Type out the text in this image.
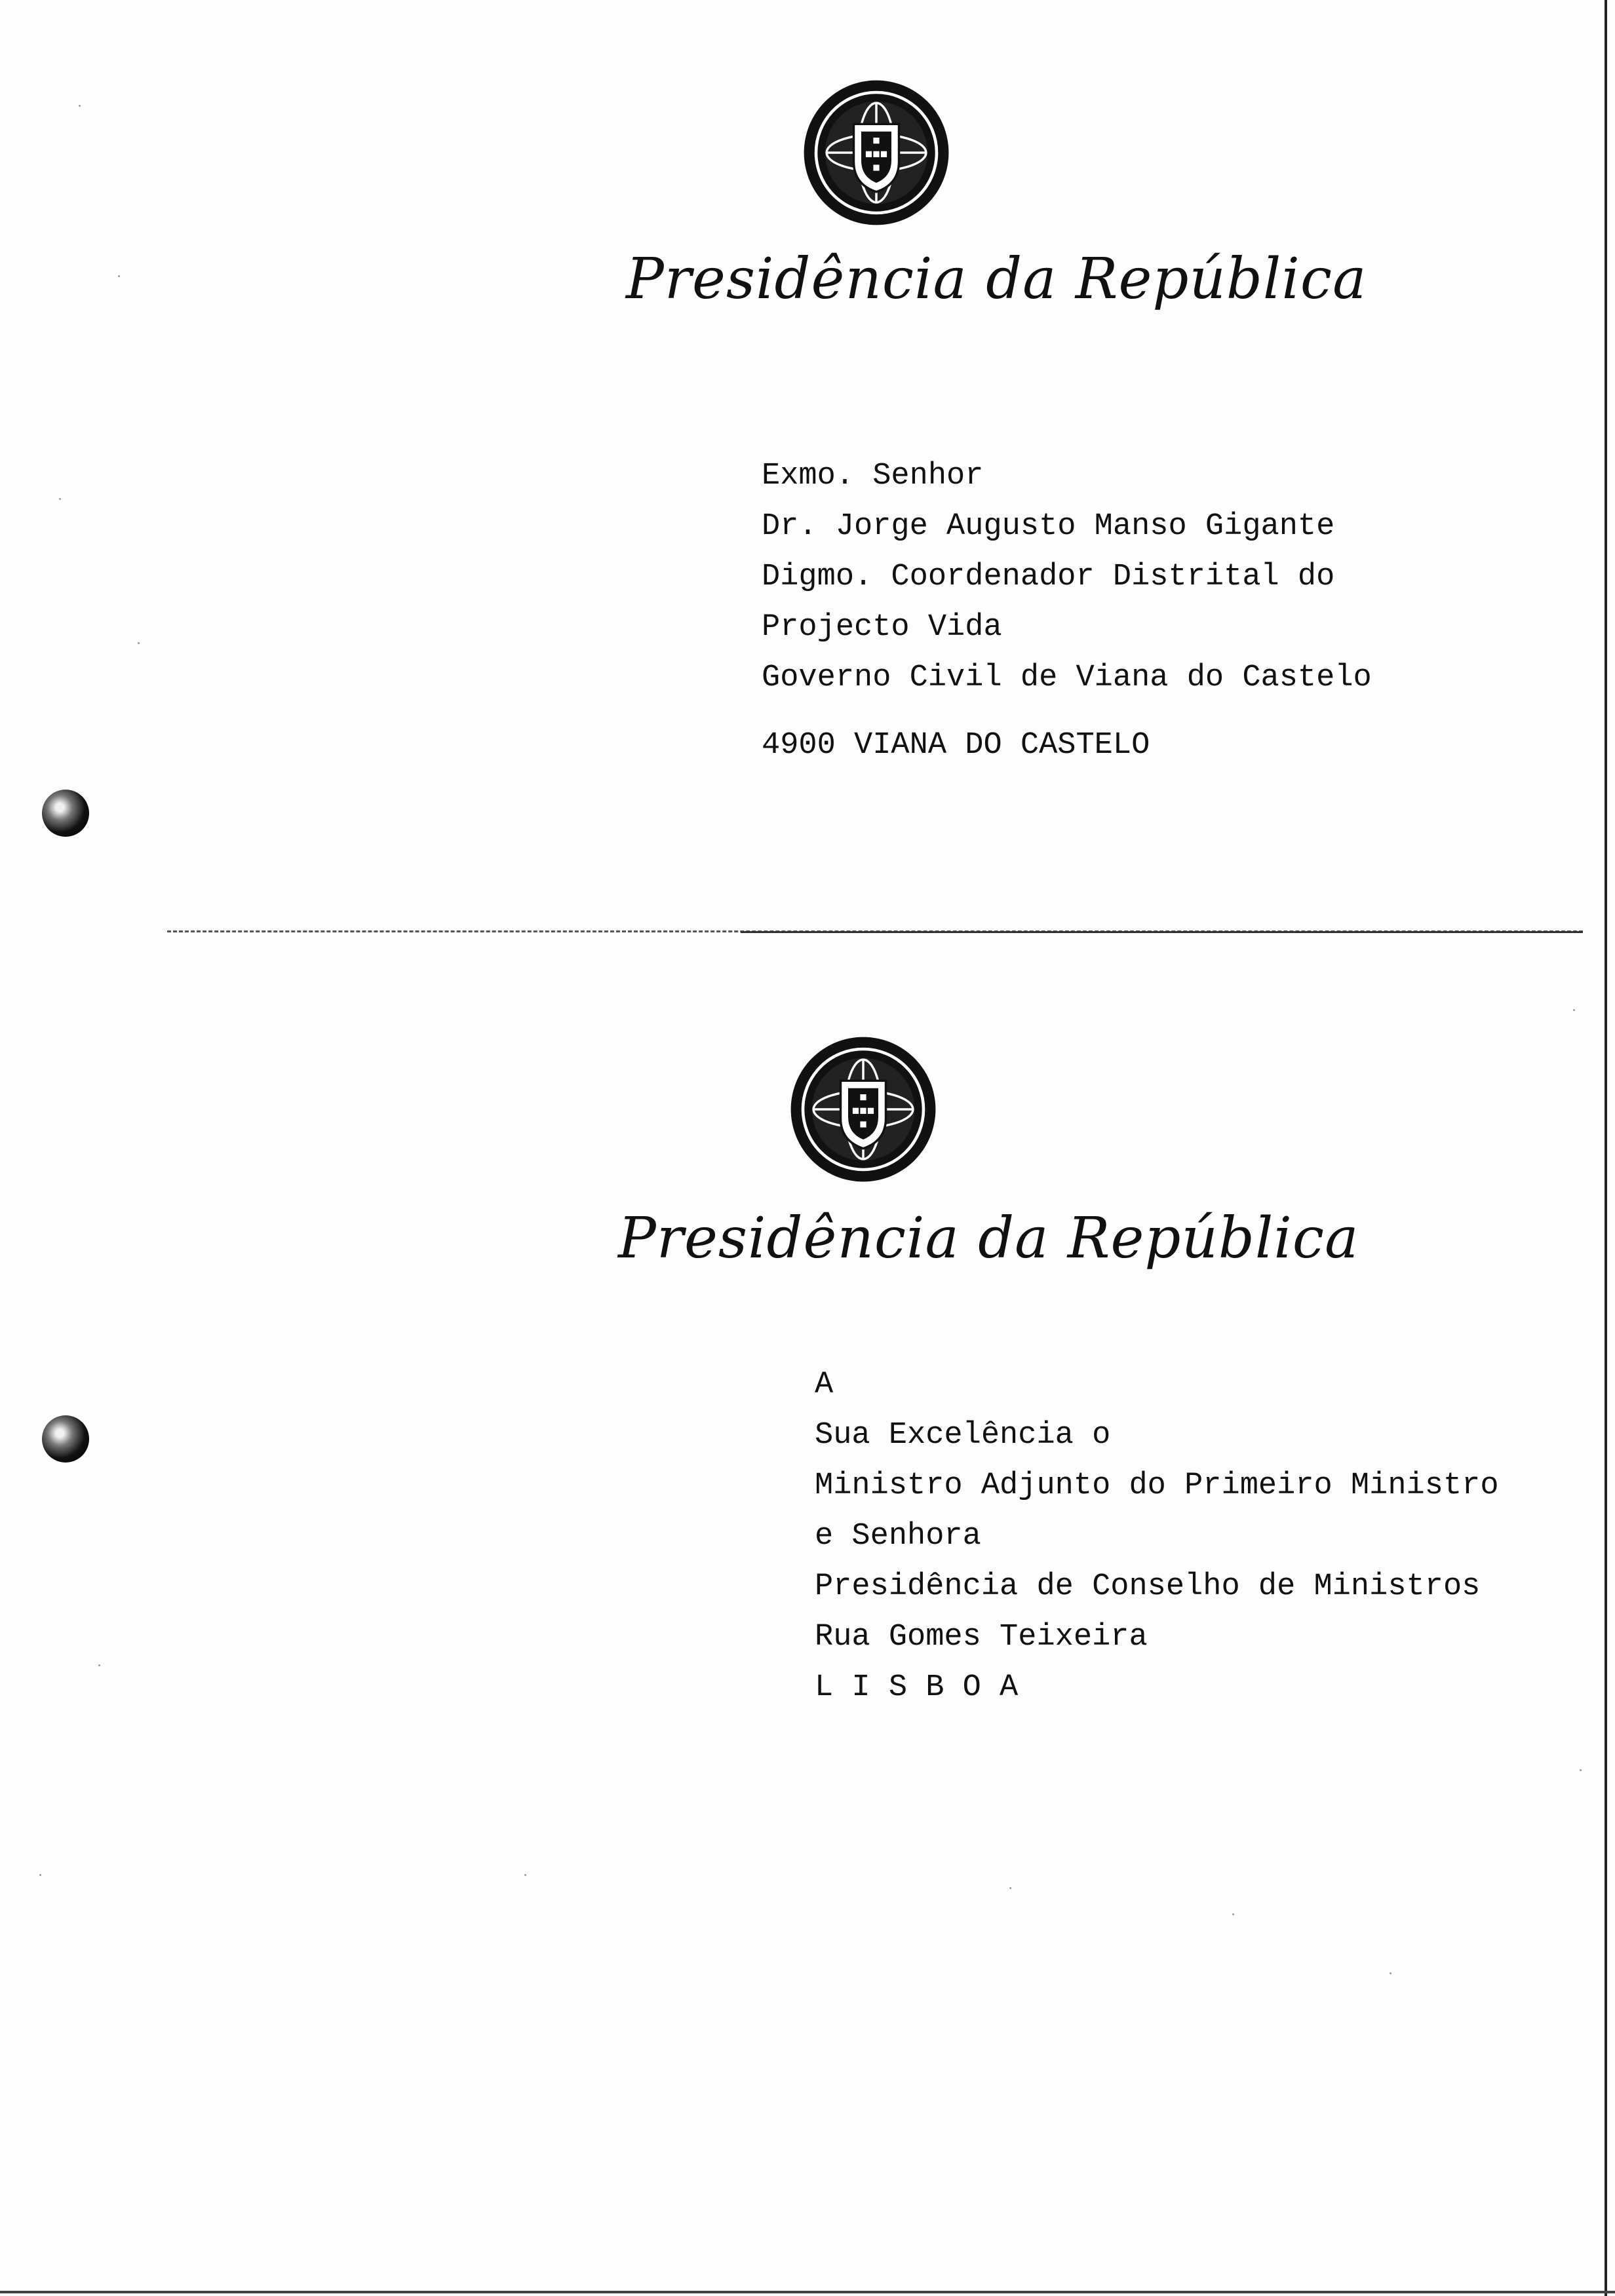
Presidência da República
Exmo. Senhor
Dr. Jorge Augusto Manso Gigante
Digmo. Coordenador Distrital do
Projecto Vida
Governo Civil de Viana do Castelo
4900 VIANA DO CASTELO
Presidência da República
A
Sua Excelência o
Ministro Adjunto do Primeiro Ministro
e Senhora
Presidência de Conselho de Ministros
Rua Gomes Teixeira
L I S B O A
